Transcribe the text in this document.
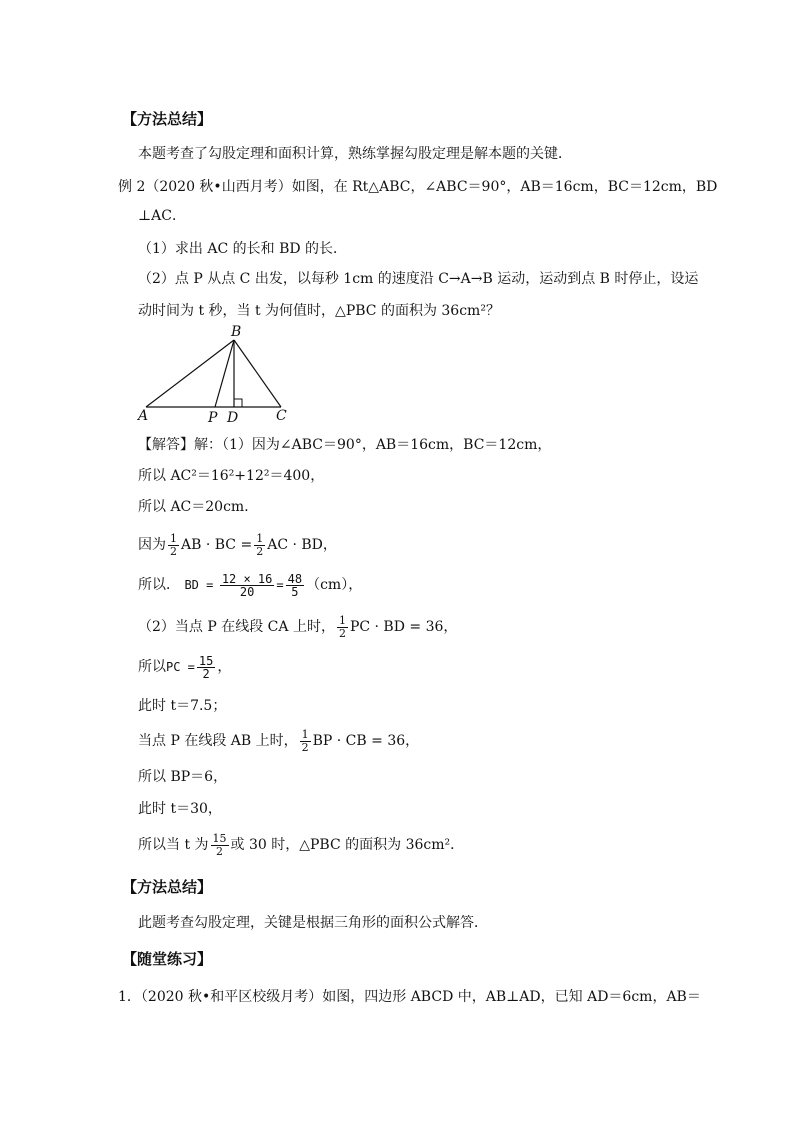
【方法总结】
本题考查了勾股定理和面积计算，熟练掌握勾股定理是解本题的关键．
例 2（2020 秋•山西月考）如图，在 Rt△ABC，∠ABC＝90°，AB＝16cm，BC＝12cm，BD
⊥AC．
（1）求出 AC 的长和 BD 的长．
（2）点 P 从点 C 出发，以每秒 1cm 的速度沿 C→A→B 运动，运动到点 B 时停止，设运
动时间为 t 秒，当 t 为何值时，△PBC 的面积为 36cm²？
B
A	P D	C
【解答】解：（1）因为∠ABC＝90°，AB＝16cm，BC＝12cm，
所以 AC²＝16²+12²＝400，
所以 AC＝20cm．
因为 $\frac{1}{2}$ AB · BC = $\frac{1}{2}$ AC · BD，
所以． BD = $\frac{12 \times 16}{20} = \frac{48}{5} (cm)$，
（2）当点 P 在线段 CA 上时， $\frac{1}{2}$ PC · BD = 36，
所以PC = $\frac{15}{2}$ ，
此时 t＝7.5；
当点 P 在线段 AB 上时， $\frac{1}{2}$ BP · CB = 36，
所以 BP＝6，
此时 t＝30，
所以当 t 为 $\frac{15}{2}$ 或 30 时，△PBC 的面积为 36cm²．
【方法总结】
此题考查勾股定理，关键是根据三角形的面积公式解答．
【随堂练习】
1．（2020 秋•和平区校级月考）如图，四边形 ABCD 中，AB⊥AD，已知 AD＝6cm，AB＝
